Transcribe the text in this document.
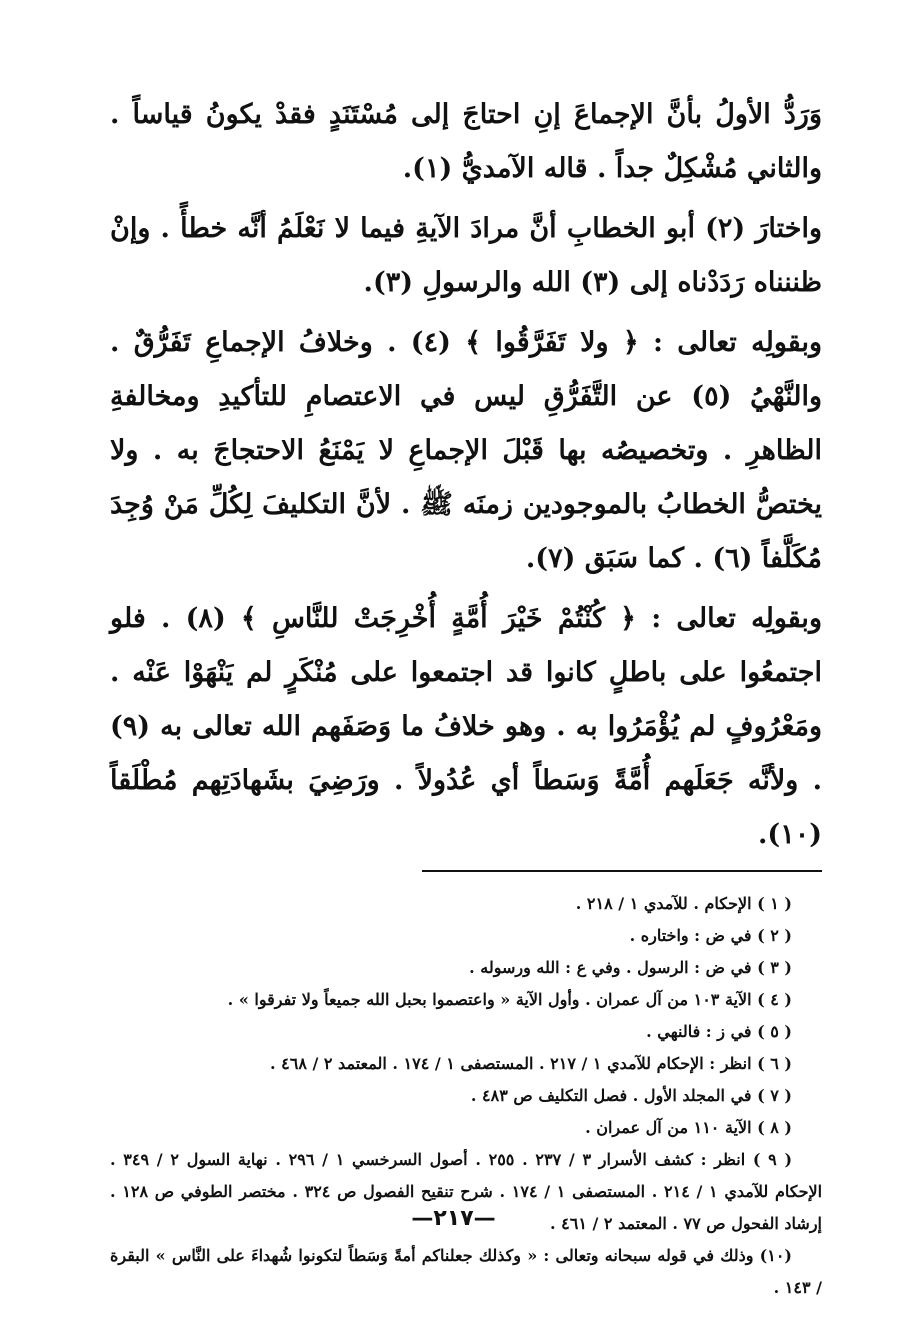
وَرَدُّ الأولُ بأنَّ الإجماعَ إنِ احتاجَ إلى مُسْتَنَدٍ فقدْ يكونُ قياساً . والثاني مُشْكِلٌ جداً . قاله الآمديُّ (١).

واختارَ (٢) أبو الخطابِ أنَّ مرادَ الآيةِ فيما لا نَعْلَمُ أنَّه خطأً . وإنْ ظننناه رَدَدْناه إلى (٣) الله والرسولِ (٣).

وبقولِه تعالى : ﴿ ولا تَفَرَّقُوا ﴾ (٤) . وخلافُ الإجماعِ تَفَرُّقٌ . والنَّهْيُ (٥) عن التَّفَرُّقِ ليس في الاعتصامِ للتأكيدِ ومخالفةِ الظاهرِ . وتخصيصُه بها قَبْلَ الإجماعِ لا يَمْنَعُ الاحتجاجَ به . ولا يختصُّ الخطابُ بالموجودين زمنَه ﷺ . لأنَّ التكليفَ لِكُلِّ مَنْ وُجِدَ مُكَلَّفاً (٦) . كما سَبَق (٧).

وبقولِه تعالى : ﴿ كُنْتُمْ خَيْرَ أُمَّةٍ أُخْرِجَتْ للنَّاسِ ﴾ (٨) . فلو اجتمعُوا على باطلٍ كانوا قد اجتمعوا على مُنْكَرٍ لم يَنْهَوْا عَنْه . ومَعْرُوفٍ لم يُؤْمَرُوا به . وهو خلافُ ما وَصَفَهم الله تعالى به (٩) . ولأنَّه جَعَلَهم أُمَّةً وَسَطاً أي عُدُولاً . ورَضِيَ بشَهادَتِهم مُطْلَقاً (١٠).

( ١ ) الإحكام . للآمدي ١ / ٢١٨ .
( ٢ ) في ض : واختاره .
( ٣ ) في ض : الرسول . وفي ع : الله ورسوله .
( ٤ ) الآية ١٠٣ من آل عمران . وأول الآية « واعتصموا بحبل الله جميعاً ولا تفرقوا » .
( ٥ ) في ز : فالنهي .
( ٦ ) انظر : الإحكام للآمدي ١ / ٢١٧ . المستصفى ١ / ١٧٤ . المعتمد ٢ / ٤٦٨ .
( ٧ ) في المجلد الأول . فصل التكليف ص ٤٨٣ .
( ٨ ) الآية ١١٠ من آل عمران .
( ٩ ) انظر : كشف الأسرار ٣ / ٢٣٧ . ٢٥٥ . أصول السرخسي ١ / ٢٩٦ . نهاية السول ٢ / ٣٤٩ . الإحكام للآمدي ١ / ٢١٤ . المستصفى ١ / ١٧٤ . شرح تنقيح الفصول ص ٣٢٤ . مختصر الطوفي ص ١٢٨ . إرشاد الفحول ص ٧٧ . المعتمد ٢ / ٤٦١ .
(١٠) وذلك في قوله سبحانه وتعالى : « وكذلك جعلناكم أمةً وَسَطاً لتكونوا شُهداءَ على النَّاس » البقرة / ١٤٣ .
—٢١٧—
